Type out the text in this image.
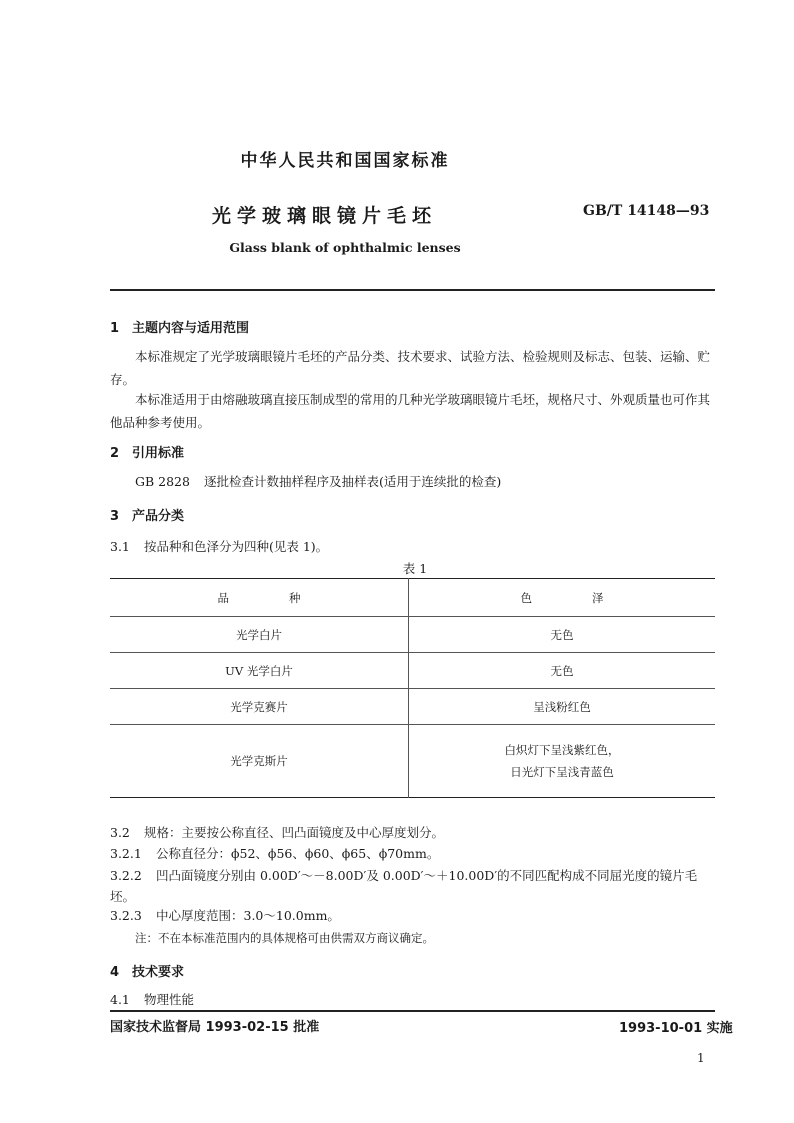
中华人民共和国国家标准
光学玻璃眼镜片毛坯	GB/T 14148—93
Glass blank of ophthalmic lenses
1 主题内容与适用范围
本标准规定了光学玻璃眼镜片毛坯的产品分类、技术要求、试验方法、检验规则及标志、包装、运输、贮存。
本标准适用于由熔融玻璃直接压制成型的常用的几种光学玻璃眼镜片毛坯，规格尺寸、外观质量也可作其他品种参考使用。
2 引用标准
GB 2828 逐批检查计数抽样程序及抽样表(适用于连续批的检查)
3 产品分类
3.1 按品种和色泽分为四种(见表 1)。
表 1
品 种	色 泽
光学白片	无色
UV 光学白片	无色
光学克赛片	呈浅粉红色
光学克斯片	白炽灯下呈浅紫红色，
日光灯下呈浅青蓝色
3.2 规格：主要按公称直径、凹凸面镜度及中心厚度划分。
3.2.1 公称直径分：ϕ52、ϕ56、ϕ60、ϕ65、ϕ70mm。
3.2.2 凹凸面镜度分别由 0.00D′～－8.00D′及 0.00D′～＋10.00D′的不同匹配构成不同屈光度的镜片毛坯。
3.2.3 中心厚度范围：3.0～10.0mm。
注：不在本标准范围内的具体规格可由供需双方商议确定。
4 技术要求
4.1 物理性能
国家技术监督局 1993-02-15 批准	1993-10-01 实施
1
